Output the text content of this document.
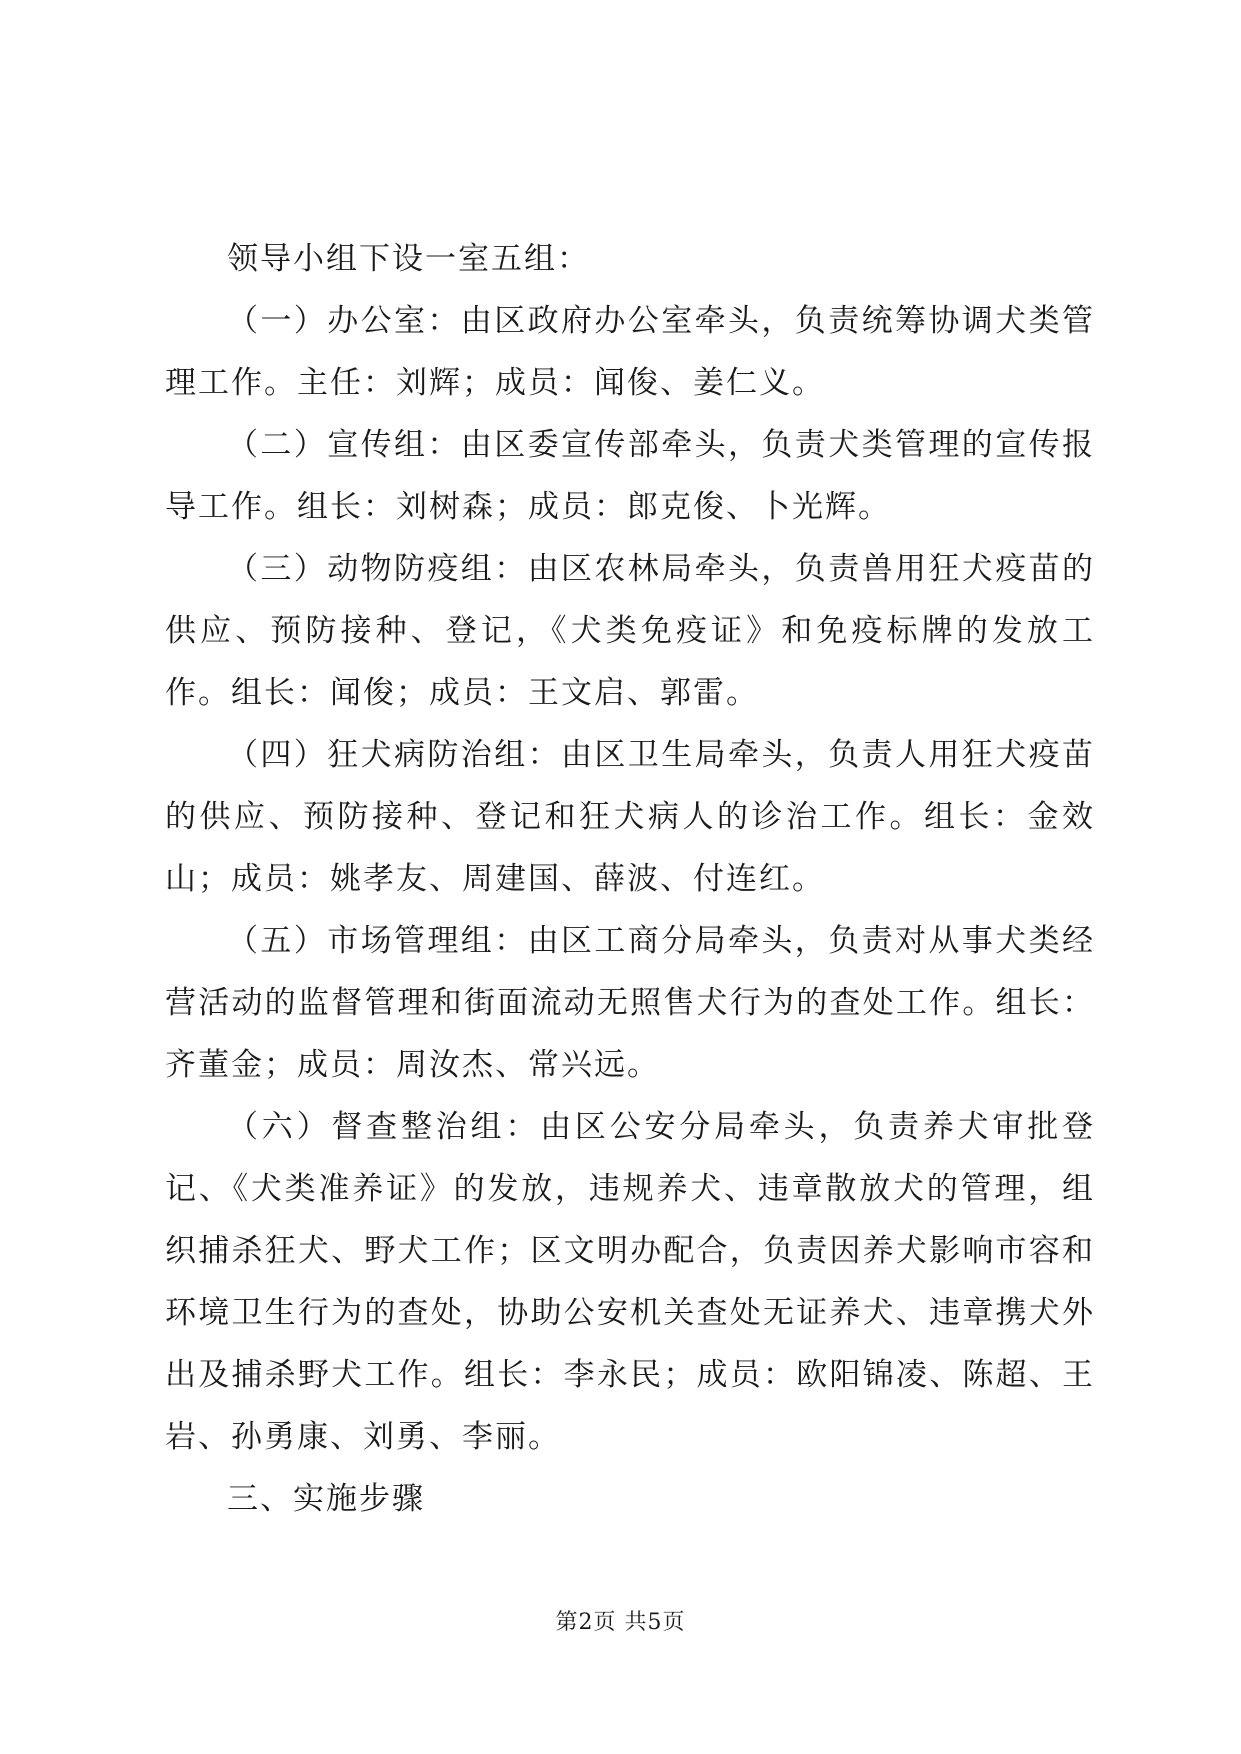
领导小组下设一室五组：

（一）办公室：由区政府办公室牵头，负责统筹协调犬类管理工作。主任：刘辉；成员：闻俊、姜仁义。

（二）宣传组：由区委宣传部牵头，负责犬类管理的宣传报导工作。组长：刘树森；成员：郎克俊、卜光辉。

（三）动物防疫组：由区农林局牵头，负责兽用狂犬疫苗的供应、预防接种、登记，《犬类免疫证》和免疫标牌的发放工作。组长：闻俊；成员：王文启、郭雷。

（四）狂犬病防治组：由区卫生局牵头，负责人用狂犬疫苗的供应、预防接种、登记和狂犬病人的诊治工作。组长：金效山；成员：姚孝友、周建国、薛波、付连红。

（五）市场管理组：由区工商分局牵头，负责对从事犬类经营活动的监督管理和街面流动无照售犬行为的查处工作。组长：齐董金；成员：周汝杰、常兴远。

（六）督查整治组：由区公安分局牵头，负责养犬审批登记、《犬类准养证》的发放，违规养犬、违章散放犬的管理，组织捕杀狂犬、野犬工作；区文明办配合，负责因养犬影响市容和环境卫生行为的查处，协助公安机关查处无证养犬、违章携犬外出及捕杀野犬工作。组长：李永民；成员：欧阳锦凌、陈超、王岩、孙勇康、刘勇、李丽。

三、实施步骤

第2页 共5页
